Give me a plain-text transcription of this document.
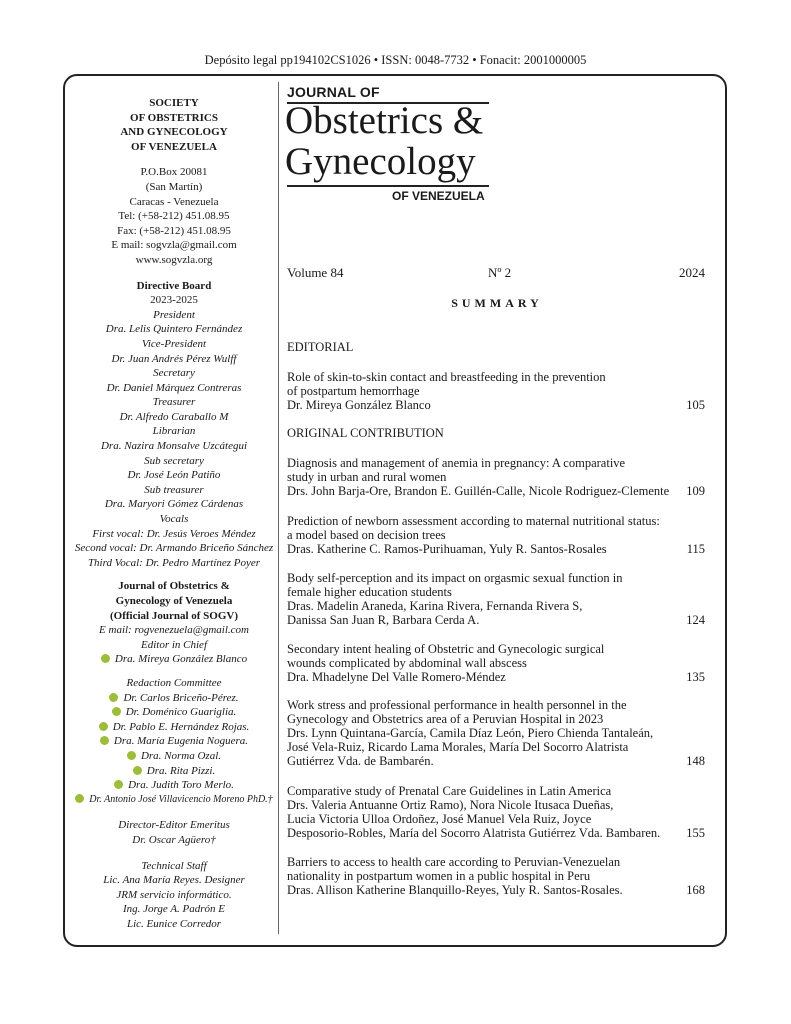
Depósito legal pp194102CS1026 • ISSN: 0048-7732 • Fonacit: 2001000005
SOCIETY
OF OBSTETRICS
AND GYNECOLOGY
OF VENEZUELA
P.O.Box 20081
(San Martín)
Caracas - Venezuela
Tel: (+58-212) 451.08.95
Fax: (+58-212) 451.08.95
E mail: sogvzla@gmail.com
www.sogvzla.org
Directive Board
2023-2025
President
Dra. Lelis Quintero Fernández
Vice-President
Dr. Juan Andrés Pérez Wulff
Secretary
Dr. Daniel Márquez Contreras
Treasurer
Dr. Alfredo Caraballo M
Librarian
Dra. Nazira Monsalve Uzcátegui
Sub secretary
Dr. José León Patiño
Sub treasurer
Dra. Maryori Gómez Cárdenas
Vocals
First vocal: Dr. Jesús Veroes Méndez
Second vocal: Dr. Armando Briceño Sánchez
Third Vocal: Dr. Pedro Martínez Poyer
Journal of Obstetrics &
Gynecology of Venezuela
(Official Journal of SOGV)
E mail: rogvenezuela@gmail.com
Editor in Chief
Dra. Mireya González Blanco
Redaction Committee
Dr. Carlos Briceño-Pérez.
Dr. Doménico Guariglia.
Dr. Pablo E. Hernández Rojas.
Dra. María Eugenia Noguera.
Dra. Norma Ozal.
Dra. Rita Pizzi.
Dra. Judith Toro Merlo.
Dr. Antonio José Villavicencio Moreno PhD.†
Director-Editor Emeritus
Dr. Oscar Agüero†
Technical Staff
Lic. Ana María Reyes. Designer
JRM servicio informático.
Ing. Jorge A. Padrón E
Lic. Eunice Corredor
JOURNAL OF
Obstetrics &
Gynecology
OF VENEZUELA
Volume 84	Nº 2	2024
SUMMARY
EDITORIAL
Role of skin-to-skin contact and breastfeeding in the prevention
of postpartum hemorrhage
Dr. Mireya González Blanco	105
ORIGINAL CONTRIBUTION
Diagnosis and management of anemia in pregnancy: A comparative
study in urban and rural women
Drs. John Barja-Ore, Brandon E. Guillén-Calle, Nicole Rodriguez-Clemente	109
Prediction of newborn assessment according to maternal nutritional status:
a model based on decision trees
Dras. Katherine C. Ramos-Purihuaman, Yuly R. Santos-Rosales	115
Body self-perception and its impact on orgasmic sexual function in
female higher education students
Dras. Madelin Araneda, Karina Rivera, Fernanda Rivera S,
Danissa San Juan R, Barbara Cerda A.	124
Secondary intent healing of Obstetric and Gynecologic surgical
wounds complicated by abdominal wall abscess
Dra. Mhadelyne Del Valle Romero-Méndez	135
Work stress and professional performance in health personnel in the
Gynecology and Obstetrics area of a Peruvian Hospital in 2023
Drs. Lynn Quintana-García, Camila Díaz León, Piero Chienda Tantaleán,
José Vela-Ruiz, Ricardo Lama Morales, María Del Socorro Alatrista
Gutiérrez Vda. de Bambarén.	148
Comparative study of Prenatal Care Guidelines in Latin America
Drs. Valeria Antuanne Ortiz Ramo), Nora Nicole Itusaca Dueñas,
Lucia Victoria Ulloa Ordoñez, José Manuel Vela Ruiz, Joyce
Desposorio-Robles, María del Socorro Alatrista Gutiérrez Vda. Bambaren.	155
Barriers to access to health care according to Peruvian-Venezuelan
nationality in postpartum women in a public hospital in Peru
Dras. Allison Katherine Blanquillo-Reyes, Yuly R. Santos-Rosales.	168
